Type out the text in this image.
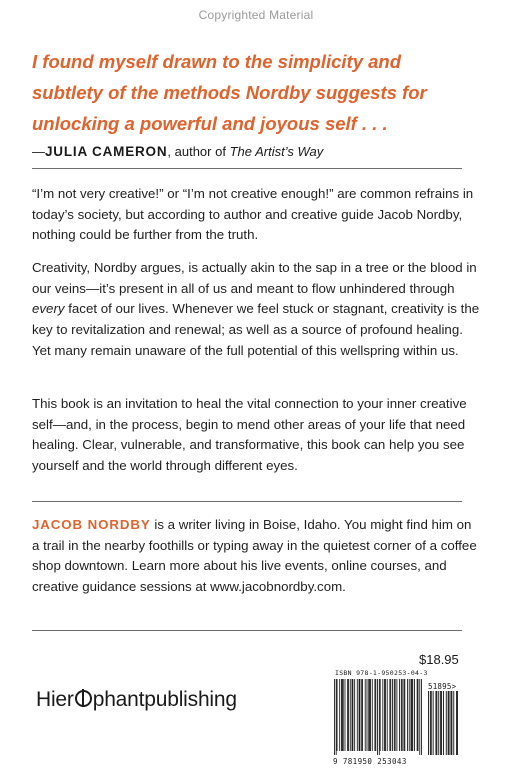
Copyrighted Material
I found myself drawn to the simplicity and
subtlety of the methods Nordby suggests for
unlocking a powerful and joyous self . . .
—JULIA CAMERON, author of The Artist’s Way

“I’m not very creative!” or “I’m not creative enough!” are common refrains in today’s society, but according to author and creative guide Jacob Nordby, nothing could be further from the truth.

Creativity, Nordby argues, is actually akin to the sap in a tree or the blood in our veins—it’s present in all of us and meant to flow unhindered through every facet of our lives. Whenever we feel stuck or stagnant, creativity is the key to revitalization and renewal; as well as a source of profound healing. Yet many remain unaware of the full potential of this wellspring within us.

This book is an invitation to heal the vital connection to your inner creative self—and, in the process, begin to mend other areas of your life that need healing. Clear, vulnerable, and transformative, this book can help you see yourself and the world through different eyes.

JACOB NORDBY is a writer living in Boise, Idaho. You might find him on a trail in the nearby foothills or typing away in the quietest corner of a coffee shop downtown. Learn more about his live events, online courses, and creative guidance sessions at www.jacobnordby.com.

Hier phantpublishing
$18.95
ISBN 978-1-950253-04-3
51895>
9 781950 253043
